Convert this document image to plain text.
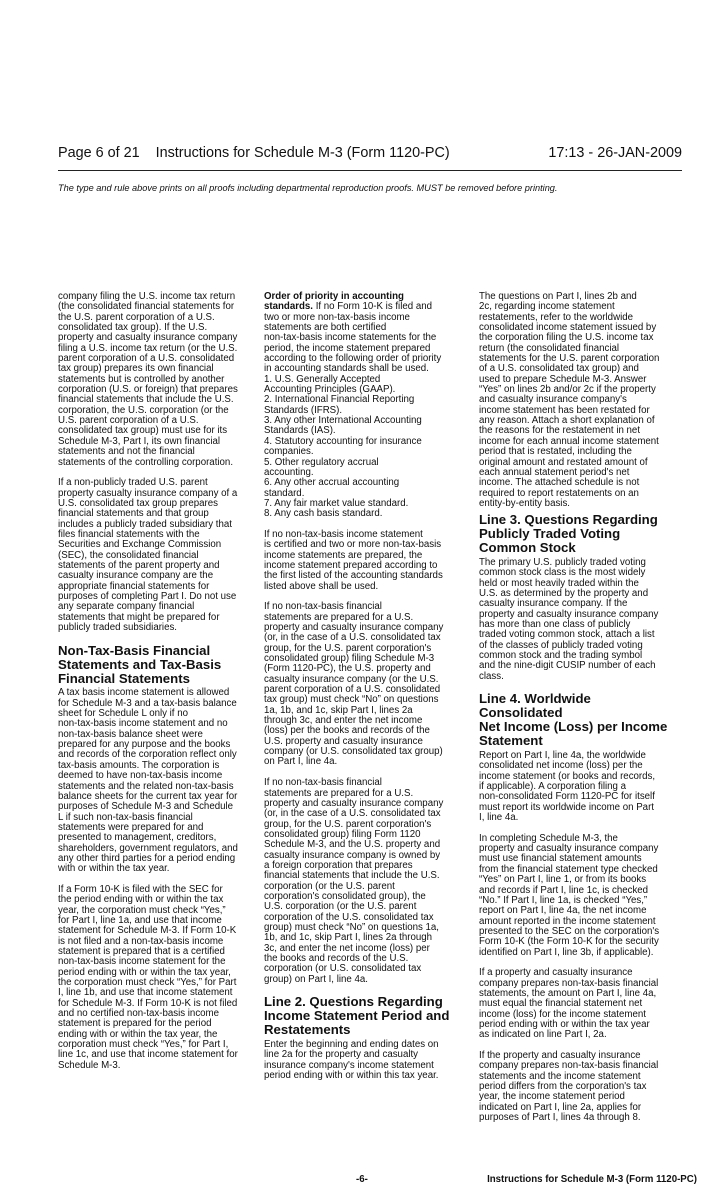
Page 6 of 21    Instructions for Schedule M-3 (Form 1120-PC)	17:13 - 26-JAN-2009
The type and rule above prints on all proofs including departmental reproduction proofs. MUST be removed before printing.
company filing the U.S. income tax return
(the consolidated financial statements for
the U.S. parent corporation of a U.S.
consolidated tax group). If the U.S.
property and casualty insurance company
filing a U.S. income tax return (or the U.S.
parent corporation of a U.S. consolidated
tax group) prepares its own financial
statements but is controlled by another
corporation (U.S. or foreign) that prepares
financial statements that include the U.S.
corporation, the U.S. corporation (or the
U.S. parent corporation of a U.S.
consolidated tax group) must use for its
Schedule M-3, Part I, its own financial
statements and not the financial
statements of the controlling corporation.
If a non-publicly traded U.S. parent
property casualty insurance company of a
U.S. consolidated tax group prepares
financial statements and that group
includes a publicly traded subsidiary that
files financial statements with the
Securities and Exchange Commission
(SEC), the consolidated financial
statements of the parent property and
casualty insurance company are the
appropriate financial statements for
purposes of completing Part I. Do not use
any separate company financial
statements that might be prepared for
publicly traded subsidiaries.
Non-Tax-Basis Financial
Statements and Tax-Basis
Financial Statements
A tax basis income statement is allowed
for Schedule M-3 and a tax-basis balance
sheet for Schedule L only if no
non-tax-basis income statement and no
non-tax-basis balance sheet were
prepared for any purpose and the books
and records of the corporation reflect only
tax-basis amounts. The corporation is
deemed to have non-tax-basis income
statements and the related non-tax-basis
balance sheets for the current tax year for
purposes of Schedule M-3 and Schedule
L if such non-tax-basis financial
statements were prepared for and
presented to management, creditors,
shareholders, government regulators, and
any other third parties for a period ending
with or within the tax year.
If a Form 10-K is filed with the SEC for
the period ending with or within the tax
year, the corporation must check “Yes,”
for Part I, line 1a, and use that income
statement for Schedule M-3. If Form 10-K
is not filed and a non-tax-basis income
statement is prepared that is a certified
non-tax-basis income statement for the
period ending with or within the tax year,
the corporation must check “Yes,” for Part
I, line 1b, and use that income statement
for Schedule M-3. If Form 10-K is not filed
and no certified non-tax-basis income
statement is prepared for the period
ending with or within the tax year, the
corporation must check “Yes,” for Part I,
line 1c, and use that income statement for
Schedule M-3.
Order of priority in accounting
standards. If no Form 10-K is filed and
two or more non-tax-basis income
statements are both certified
non-tax-basis income statements for the
period, the income statement prepared
according to the following order of priority
in accounting standards shall be used.
1. U.S. Generally Accepted
Accounting Principles (GAAP).
2. International Financial Reporting
Standards (IFRS).
3. Any other International Accounting
Standards (IAS).
4. Statutory accounting for insurance
companies.
5. Other regulatory accrual
accounting.
6. Any other accrual accounting
standard.
7. Any fair market value standard.
8. Any cash basis standard.
If no non-tax-basis income statement
is certified and two or more non-tax-basis
income statements are prepared, the
income statement prepared according to
the first listed of the accounting standards
listed above shall be used.
If no non-tax-basis financial
statements are prepared for a U.S.
property and casualty insurance company
(or, in the case of a U.S. consolidated tax
group, for the U.S. parent corporation's
consolidated group) filing Schedule M-3
(Form 1120-PC), the U.S. property and
casualty insurance company (or the U.S.
parent corporation of a U.S. consolidated
tax group) must check “No” on questions
1a, 1b, and 1c, skip Part I, lines 2a
through 3c, and enter the net income
(loss) per the books and records of the
U.S. property and casualty insurance
company (or U.S. consolidated tax group)
on Part I, line 4a.
If no non-tax-basis financial
statements are prepared for a U.S.
property and casualty insurance company
(or, in the case of a U.S. consolidated tax
group, for the U.S. parent corporation's
consolidated group) filing Form 1120
Schedule M-3, and the U.S. property and
casualty insurance company is owned by
a foreign corporation that prepares
financial statements that include the U.S.
corporation (or the U.S. parent
corporation's consolidated group), the
U.S. corporation (or the U.S. parent
corporation of the U.S. consolidated tax
group) must check “No” on questions 1a,
1b, and 1c, skip Part I, lines 2a through
3c, and enter the net income (loss) per
the books and records of the U.S.
corporation (or U.S. consolidated tax
group) on Part I, line 4a.
Line 2. Questions Regarding
Income Statement Period and
Restatements
Enter the beginning and ending dates on
line 2a for the property and casualty
insurance company's income statement
period ending with or within this tax year.
The questions on Part I, lines 2b and
2c, regarding income statement
restatements, refer to the worldwide
consolidated income statement issued by
the corporation filing the U.S. income tax
return (the consolidated financial
statements for the U.S. parent corporation
of a U.S. consolidated tax group) and
used to prepare Schedule M-3. Answer
“Yes” on lines 2b and/or 2c if the property
and casualty insurance company's
income statement has been restated for
any reason. Attach a short explanation of
the reasons for the restatement in net
income for each annual income statement
period that is restated, including the
original amount and restated amount of
each annual statement period's net
income. The attached schedule is not
required to report restatements on an
entity-by-entity basis.
Line 3. Questions Regarding
Publicly Traded Voting
Common Stock
The primary U.S. publicly traded voting
common stock class is the most widely
held or most heavily traded within the
U.S. as determined by the property and
casualty insurance company. If the
property and casualty insurance company
has more than one class of publicly
traded voting common stock, attach a list
of the classes of publicly traded voting
common stock and the trading symbol
and the nine-digit CUSIP number of each
class.
Line 4. Worldwide Consolidated
Net Income (Loss) per Income
Statement
Report on Part I, line 4a, the worldwide
consolidated net income (loss) per the
income statement (or books and records,
if applicable). A corporation filing a
non-consolidated Form 1120-PC for itself
must report its worldwide income on Part
I, line 4a.
In completing Schedule M-3, the
property and casualty insurance company
must use financial statement amounts
from the financial statement type checked
“Yes” on Part I, line 1, or from its books
and records if Part I, line 1c, is checked
“No.” If Part I, line 1a, is checked “Yes,”
report on Part I, line 4a, the net income
amount reported in the income statement
presented to the SEC on the corporation's
Form 10-K (the Form 10-K for the security
identified on Part I, line 3b, if applicable).
If a property and casualty insurance
company prepares non-tax-basis financial
statements, the amount on Part I, line 4a,
must equal the financial statement net
income (loss) for the income statement
period ending with or within the tax year
as indicated on line Part I, 2a.
If the property and casualty insurance
company prepares non-tax-basis financial
statements and the income statement
period differs from the corporation's tax
year, the income statement period
indicated on Part I, line 2a, applies for
purposes of Part I, lines 4a through 8.
-6-	Instructions for Schedule M-3 (Form 1120-PC)
